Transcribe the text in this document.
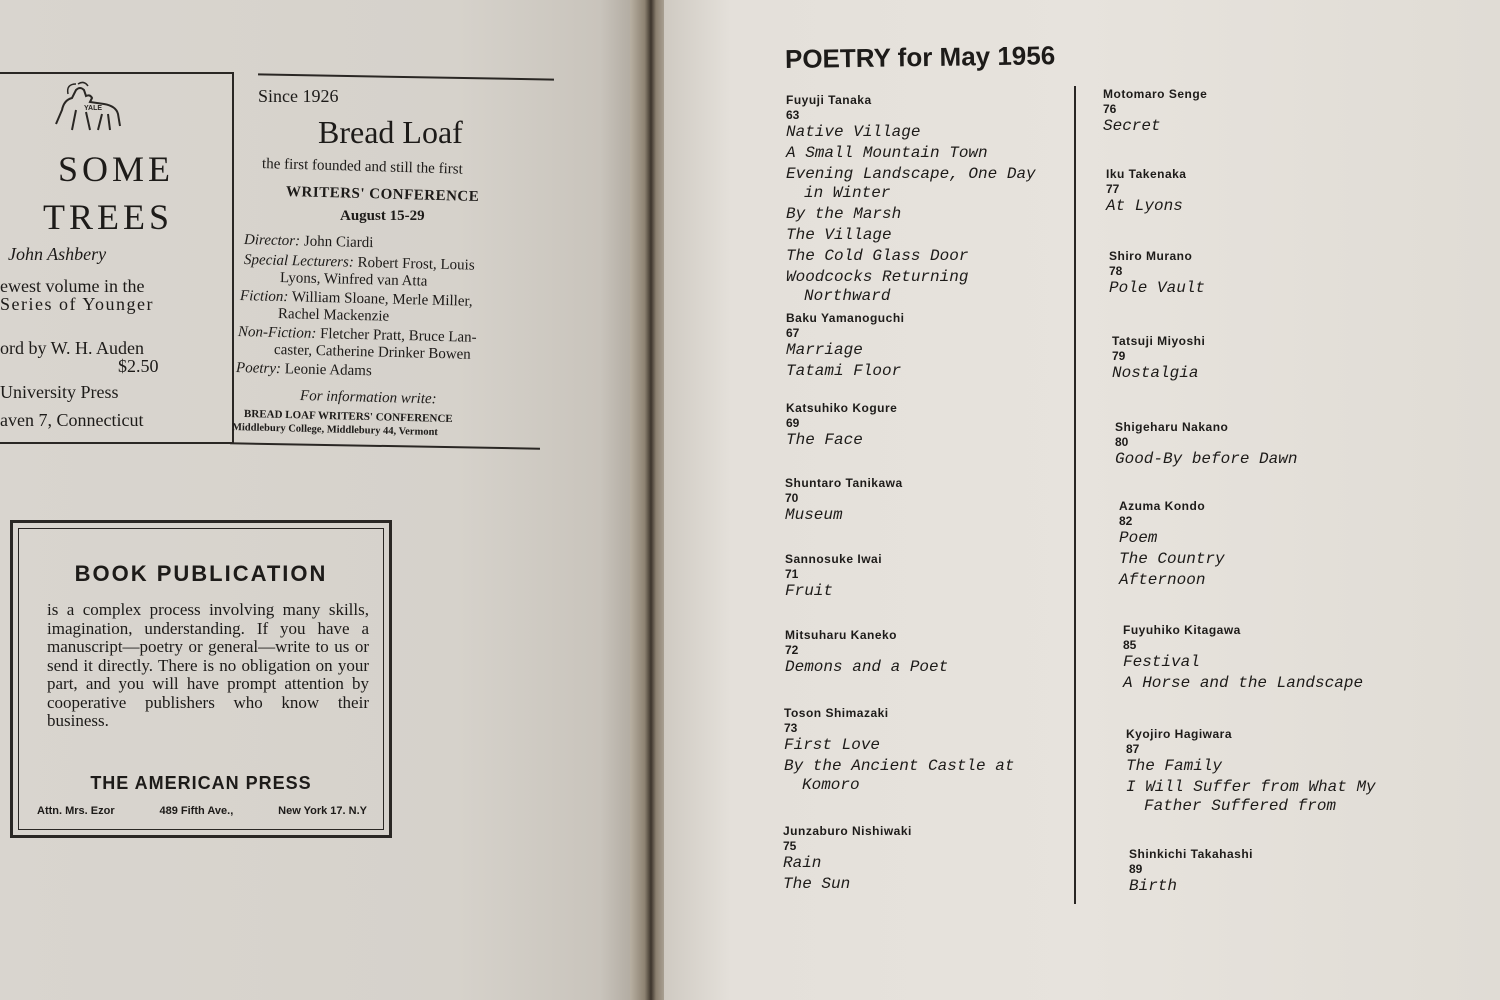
YALE
SOME
TREES
John Ashbery
ewest volume in the
Series of Younger
ord by W. H. Auden
$2.50
University Press
aven 7, Connecticut
Since 1926
Bread Loaf
the first founded and still the first
WRITERS' CONFERENCE
August 15-29
Director: John Ciardi
Special Lecturers: Robert Frost, Louis
Lyons, Winfred van Atta
Fiction: William Sloane, Merle Miller,
Rachel Mackenzie
Non-Fiction: Fletcher Pratt, Bruce Lan-
caster, Catherine Drinker Bowen
Poetry: Leonie Adams
For information write:
BREAD LOAF WRITERS' CONFERENCE
Middlebury College, Middlebury 44, Vermont
BOOK PUBLICATION
is a complex process involving many skills, imagination, understanding. If you have a manuscript—poetry or general—write to us or send it directly. There is no obligation on your part, and you will have prompt attention by cooperative publishers who know their business.
THE AMERICAN PRESS
Attn. Mrs. Ezor	489 Fifth Ave.,	New York 17. N.Y
POETRY for May 1956
Fuyuji Tanaka
63
Native Village
A Small Mountain Town
Evening Landscape, One Day
in Winter
By the Marsh
The Village
The Cold Glass Door
Woodcocks Returning
Northward
Baku Yamanoguchi
67
Marriage
Tatami Floor
Katsuhiko Kogure
69
The Face
Shuntaro Tanikawa
70
Museum
Sannosuke Iwai
71
Fruit
Mitsuharu Kaneko
72
Demons and a Poet
Toson Shimazaki
73
First Love
By the Ancient Castle at
Komoro
Junzaburo Nishiwaki
75
Rain
The Sun
Motomaro Senge
76
Secret
Iku Takenaka
77
At Lyons
Shiro Murano
78
Pole Vault
Tatsuji Miyoshi
79
Nostalgia
Shigeharu Nakano
80
Good-By before Dawn
Azuma Kondo
82
Poem
The Country
Afternoon
Fuyuhiko Kitagawa
85
Festival
A Horse and the Landscape
Kyojiro Hagiwara
87
The Family
I Will Suffer from What My
Father Suffered from
Shinkichi Takahashi
89
Birth
